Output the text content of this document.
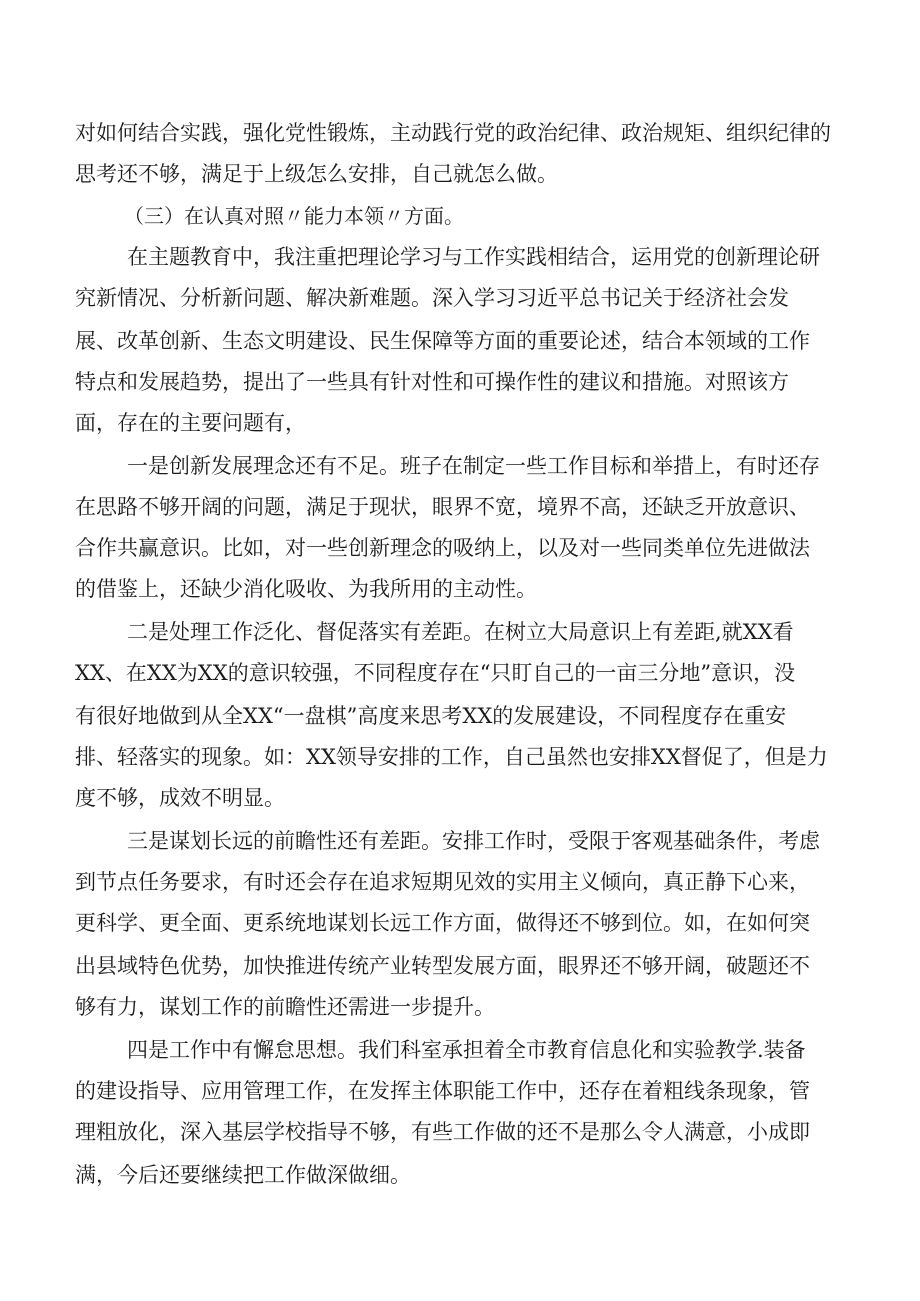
对如何结合实践，强化党性锻炼，主动践行党的政治纪律、政治规矩、组织纪律的
思考还不够，满足于上级怎么安排，自己就怎么做。
（三）在认真对照〃能力本领〃方面。
在主题教育中，我注重把理论学习与工作实践相结合，运用党的创新理论研
究新情况、分析新问题、解决新难题。深入学习习近平总书记关于经济社会发
展、改革创新、生态文明建设、民生保障等方面的重要论述，结合本领域的工作
特点和发展趋势，提出了一些具有针对性和可操作性的建议和措施。对照该方
面，存在的主要问题有，
一是创新发展理念还有不足。班子在制定一些工作目标和举措上，有时还存
在思路不够开阔的问题，满足于现状，眼界不宽，境界不高，还缺乏开放意识、
合作共赢意识。比如，对一些创新理念的吸纳上，以及对一些同类单位先进做法
的借鉴上，还缺少消化吸收、为我所用的主动性。
二是处理工作泛化、督促落实有差距。在树立大局意识上有差距,就XX看
XX、在XX为XX的意识较强，不同程度存在“只盯自己的一亩三分地”意识，没
有很好地做到从全XX“一盘棋”高度来思考XX的发展建设，不同程度存在重安
排、轻落实的现象。如：XX领导安排的工作，自己虽然也安排XX督促了，但是力
度不够，成效不明显。
三是谋划长远的前瞻性还有差距。安排工作时，受限于客观基础条件，考虑
到节点任务要求，有时还会存在追求短期见效的实用主义倾向，真正静下心来，
更科学、更全面、更系统地谋划长远工作方面，做得还不够到位。如，在如何突
出县域特色优势，加快推进传统产业转型发展方面，眼界还不够开阔，破题还不
够有力，谋划工作的前瞻性还需进一步提升。
四是工作中有懈怠思想。我们科室承担着全市教育信息化和实验教学.装备
的建设指导、应用管理工作，在发挥主体职能工作中，还存在着粗线条现象，管
理粗放化，深入基层学校指导不够，有些工作做的还不是那么令人满意，小成即
满，今后还要继续把工作做深做细。
